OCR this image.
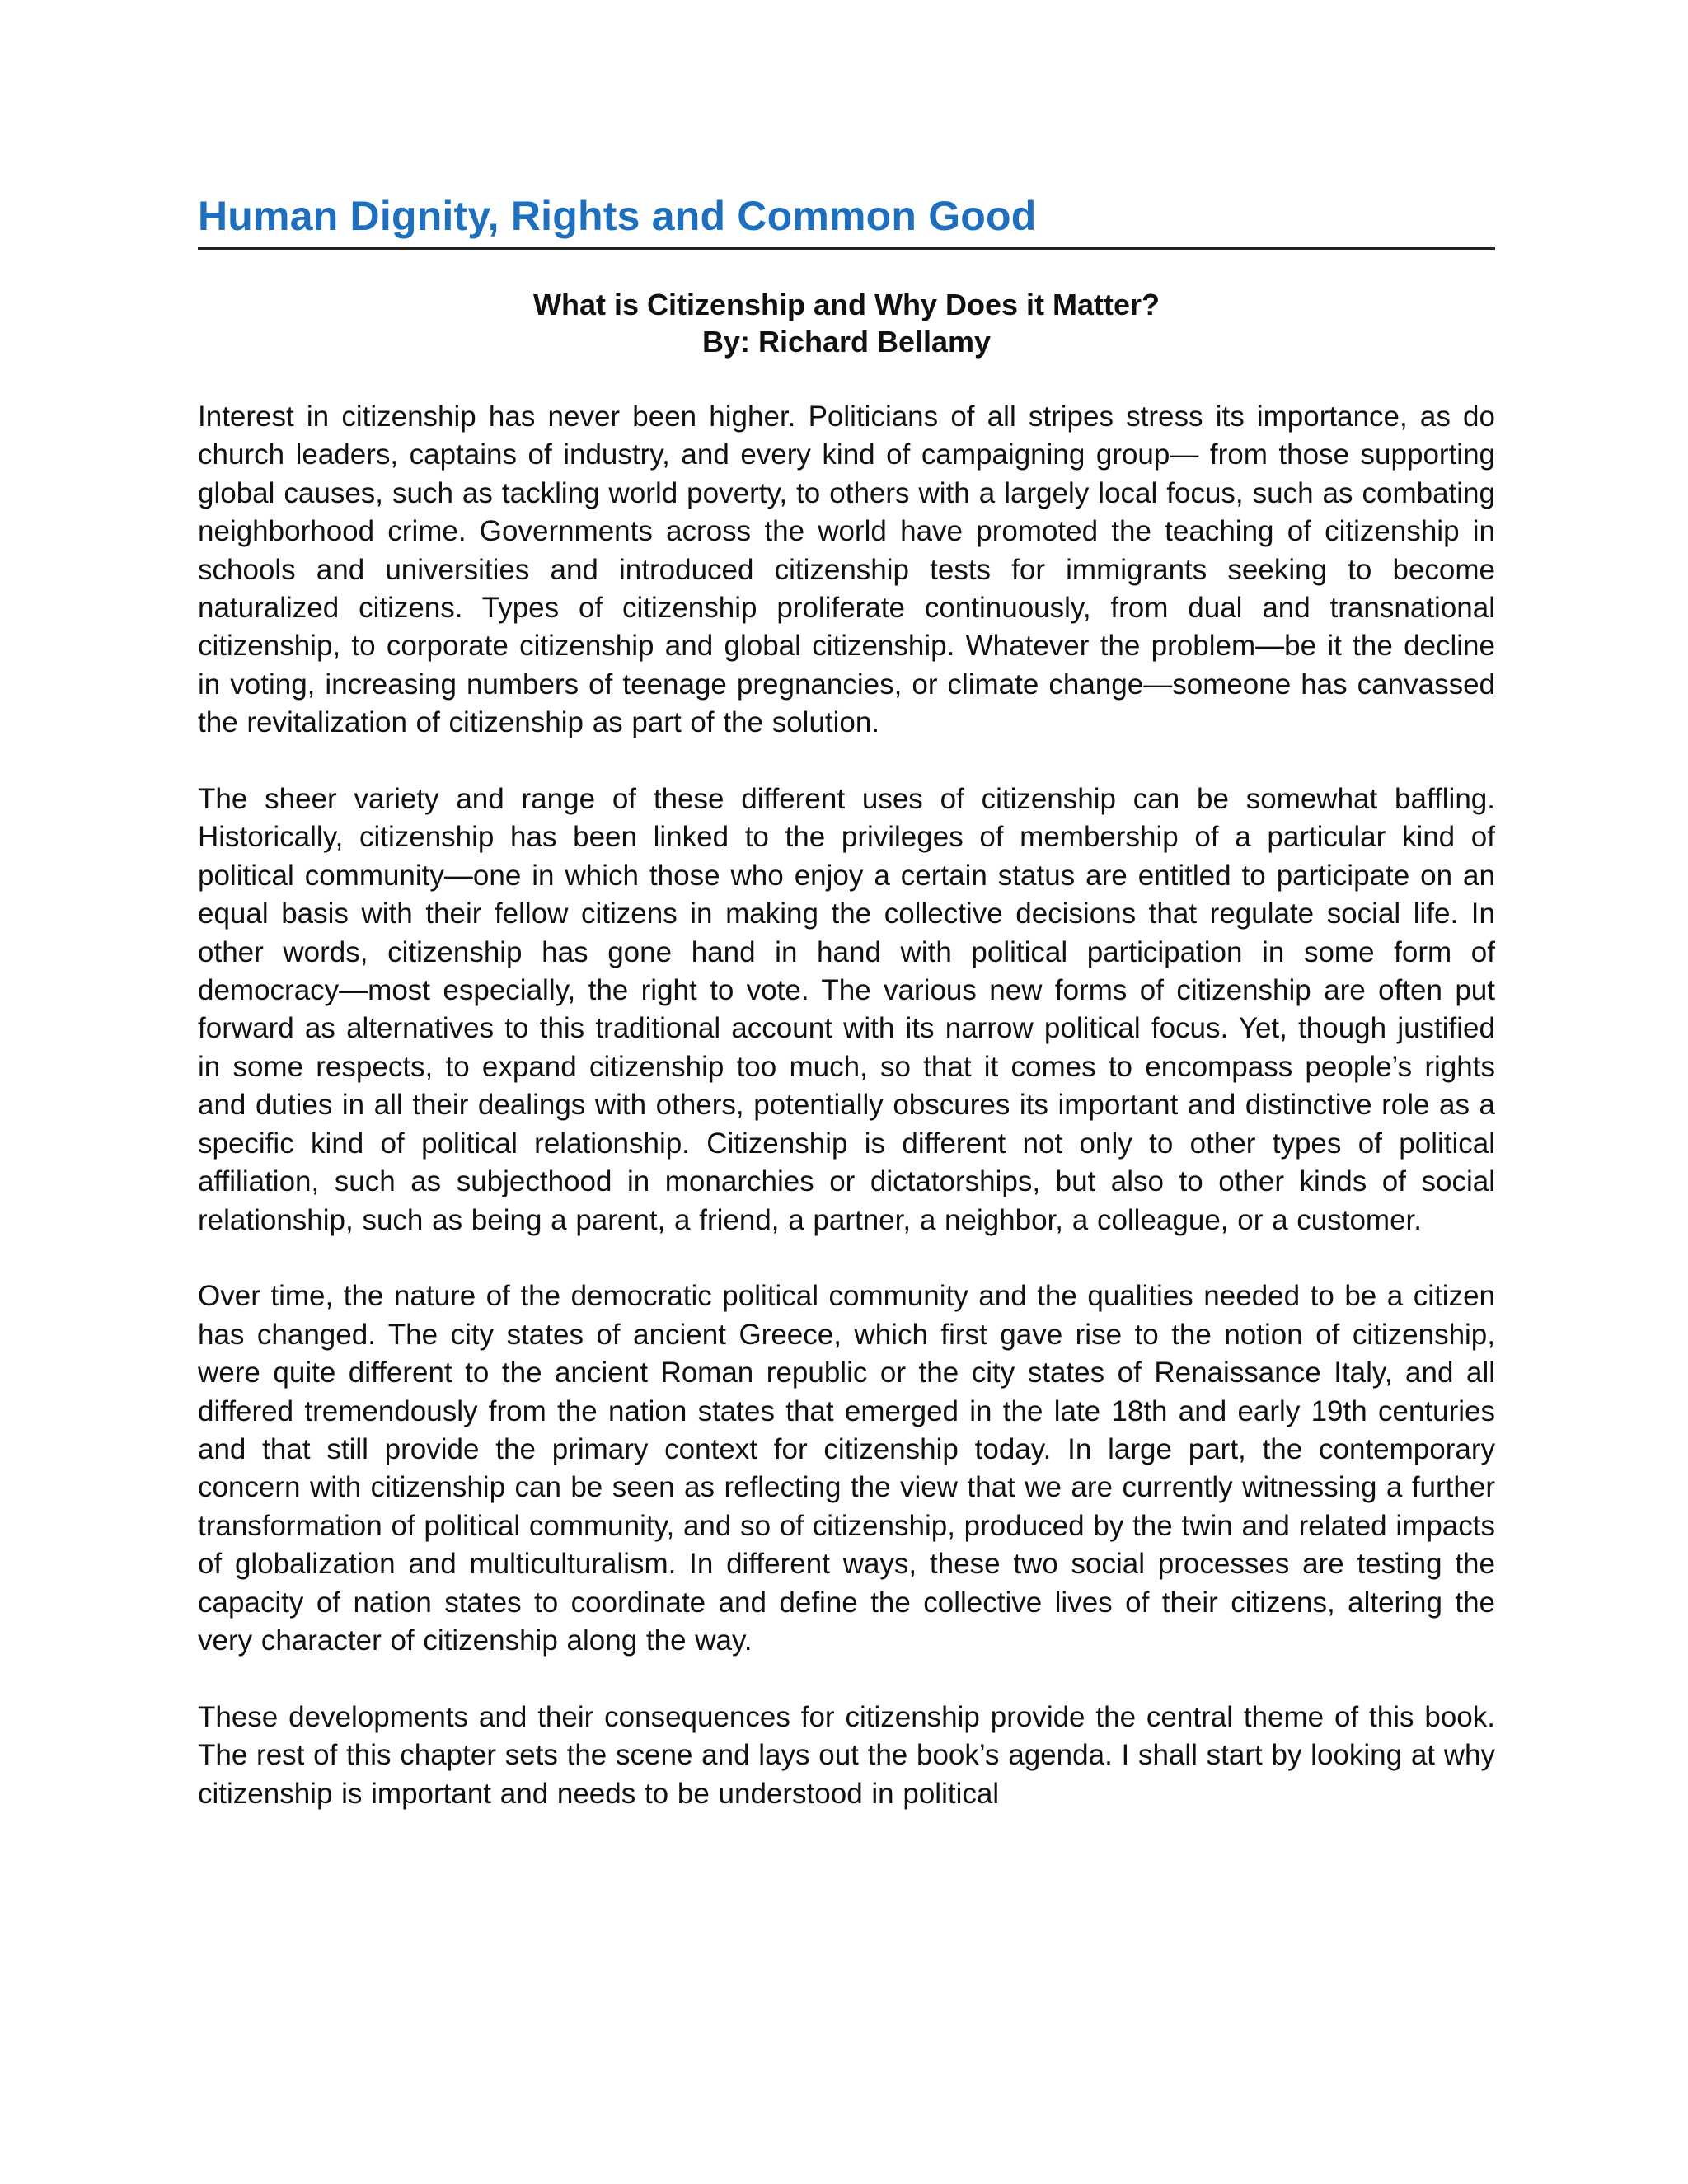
Human Dignity, Rights and Common Good

What is Citizenship and Why Does it Matter?

By: Richard Bellamy

Interest in citizenship has never been higher. Politicians of all stripes stress its importance, as do church leaders, captains of industry, and every kind of campaigning group— from those supporting global causes, such as tackling world poverty, to others with a largely local focus, such as combating neighborhood crime. Governments across the world have promoted the teaching of citizenship in schools and universities and introduced citizenship tests for immigrants seeking to become naturalized citizens. Types of citizenship proliferate continuously, from dual and transnational citizenship, to corporate citizenship and global citizenship. Whatever the problem—be it the decline in voting, increasing numbers of teenage pregnancies, or climate change—someone has canvassed the revitalization of citizenship as part of the solution.

The sheer variety and range of these different uses of citizenship can be somewhat baffling. Historically, citizenship has been linked to the privileges of membership of a particular kind of political community—one in which those who enjoy a certain status are entitled to participate on an equal basis with their fellow citizens in making the collective decisions that regulate social life. In other words, citizenship has gone hand in hand with political participation in some form of democracy—most especially, the right to vote. The various new forms of citizenship are often put forward as alternatives to this traditional account with its narrow political focus. Yet, though justified in some respects, to expand citizenship too much, so that it comes to encompass people’s rights and duties in all their dealings with others, potentially obscures its important and distinctive role as a specific kind of political relationship. Citizenship is different not only to other types of political affiliation, such as subjecthood in monarchies or dictatorships, but also to other kinds of social relationship, such as being a parent, a friend, a partner, a neighbor, a colleague, or a customer.

Over time, the nature of the democratic political community and the qualities needed to be a citizen has changed. The city states of ancient Greece, which first gave rise to the notion of citizenship, were quite different to the ancient Roman republic or the city states of Renaissance Italy, and all differed tremendously from the nation states that emerged in the late 18th and early 19th centuries and that still provide the primary context for citizenship today. In large part, the contemporary concern with citizenship can be seen as reflecting the view that we are currently witnessing a further transformation of political community, and so of citizenship, produced by the twin and related impacts of globalization and multiculturalism. In different ways, these two social processes are testing the capacity of nation states to coordinate and define the collective lives of their citizens, altering the very character of citizenship along the way.

These developments and their consequences for citizenship provide the central theme of this book. The rest of this chapter sets the scene and lays out the book’s agenda. I shall start by looking at why citizenship is important and needs to be understood in political
